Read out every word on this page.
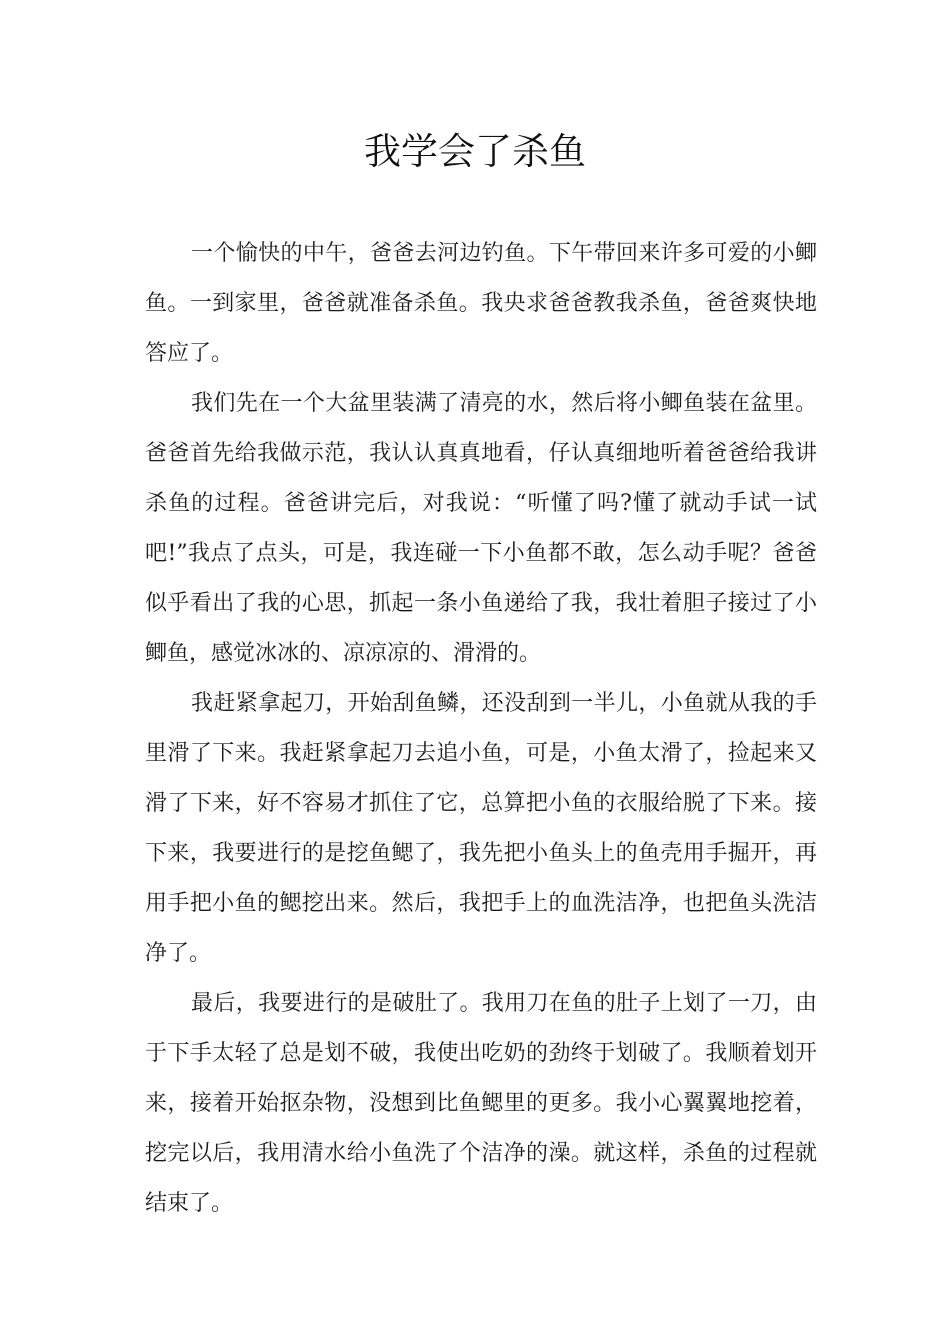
我学会了杀鱼

一个愉快的中午，爸爸去河边钓鱼。下午带回来许多可爱的小鲫鱼。一到家里，爸爸就准备杀鱼。我央求爸爸教我杀鱼，爸爸爽快地答应了。

我们先在一个大盆里装满了清亮的水，然后将小鲫鱼装在盆里。爸爸首先给我做示范，我认认真真地看，仔认真细地听着爸爸给我讲杀鱼的过程。爸爸讲完后，对我说：“听懂了吗?懂了就动手试一试吧!”我点了点头，可是，我连碰一下小鱼都不敢，怎么动手呢？爸爸似乎看出了我的心思，抓起一条小鱼递给了我，我壮着胆子接过了小鲫鱼，感觉冰冰的、凉凉凉的、滑滑的。

我赶紧拿起刀，开始刮鱼鳞，还没刮到一半儿，小鱼就从我的手里滑了下来。我赶紧拿起刀去追小鱼，可是，小鱼太滑了，捡起来又滑了下来，好不容易才抓住了它，总算把小鱼的衣服给脱了下来。接下来，我要进行的是挖鱼鳃了，我先把小鱼头上的鱼壳用手掘开，再用手把小鱼的鳃挖出来。然后，我把手上的血洗洁净，也把鱼头洗洁净了。

最后，我要进行的是破肚了。我用刀在鱼的肚子上划了一刀，由于下手太轻了总是划不破，我使出吃奶的劲终于划破了。我顺着划开来，接着开始抠杂物，没想到比鱼鳃里的更多。我小心翼翼地挖着，挖完以后，我用清水给小鱼洗了个洁净的澡。就这样，杀鱼的过程就结束了。
